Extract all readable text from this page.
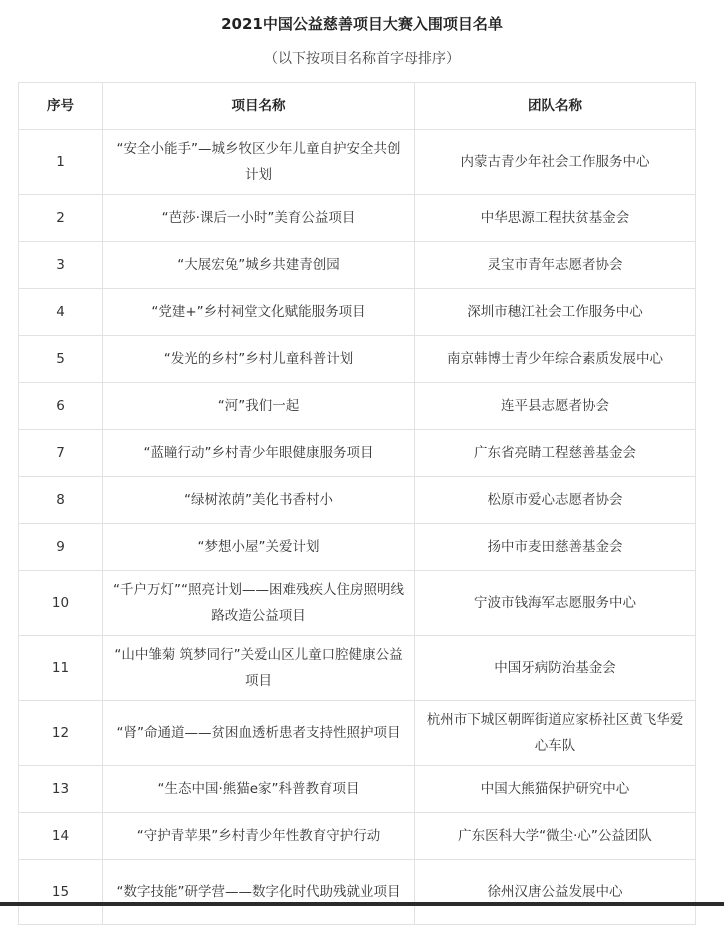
2021中国公益慈善项目大赛入围项目名单
（以下按项目名称首字母排序）
序号	项目名称	团队名称
1	“安全小能手”—城乡牧区少年儿童自护安全共创计划	内蒙古青少年社会工作服务中心
2	“芭莎·课后一小时”美育公益项目	中华思源工程扶贫基金会
3	“大展宏兔”城乡共建青创园	灵宝市青年志愿者协会
4	“党建+”乡村祠堂文化赋能服务项目	深圳市穗江社会工作服务中心
5	“发光的乡村”乡村儿童科普计划	南京韩博士青少年综合素质发展中心
6	“河”我们一起	连平县志愿者协会
7	“蓝瞳行动”乡村青少年眼健康服务项目	广东省亮睛工程慈善基金会
8	“绿树浓荫”美化书香村小	松原市爱心志愿者协会
9	“梦想小屋”关爱计划	扬中市麦田慈善基金会
10	“千户万灯”“照亮计划——困难残疾人住房照明线路改造公益项目	宁波市钱海军志愿服务中心
11	“山中雏菊 筑梦同行”关爱山区儿童口腔健康公益项目	中国牙病防治基金会
12	“肾”命通道——贫困血透析患者支持性照护项目	杭州市下城区朝晖街道应家桥社区黄飞华爱心车队
13	“生态中国·熊猫e家”科普教育项目	中国大熊猫保护研究中心
14	“守护青苹果”乡村青少年性教育守护行动	广东医科大学“微尘·心”公益团队
15	“数字技能”研学营——数字化时代助残就业项目	徐州汉唐公益发展中心
